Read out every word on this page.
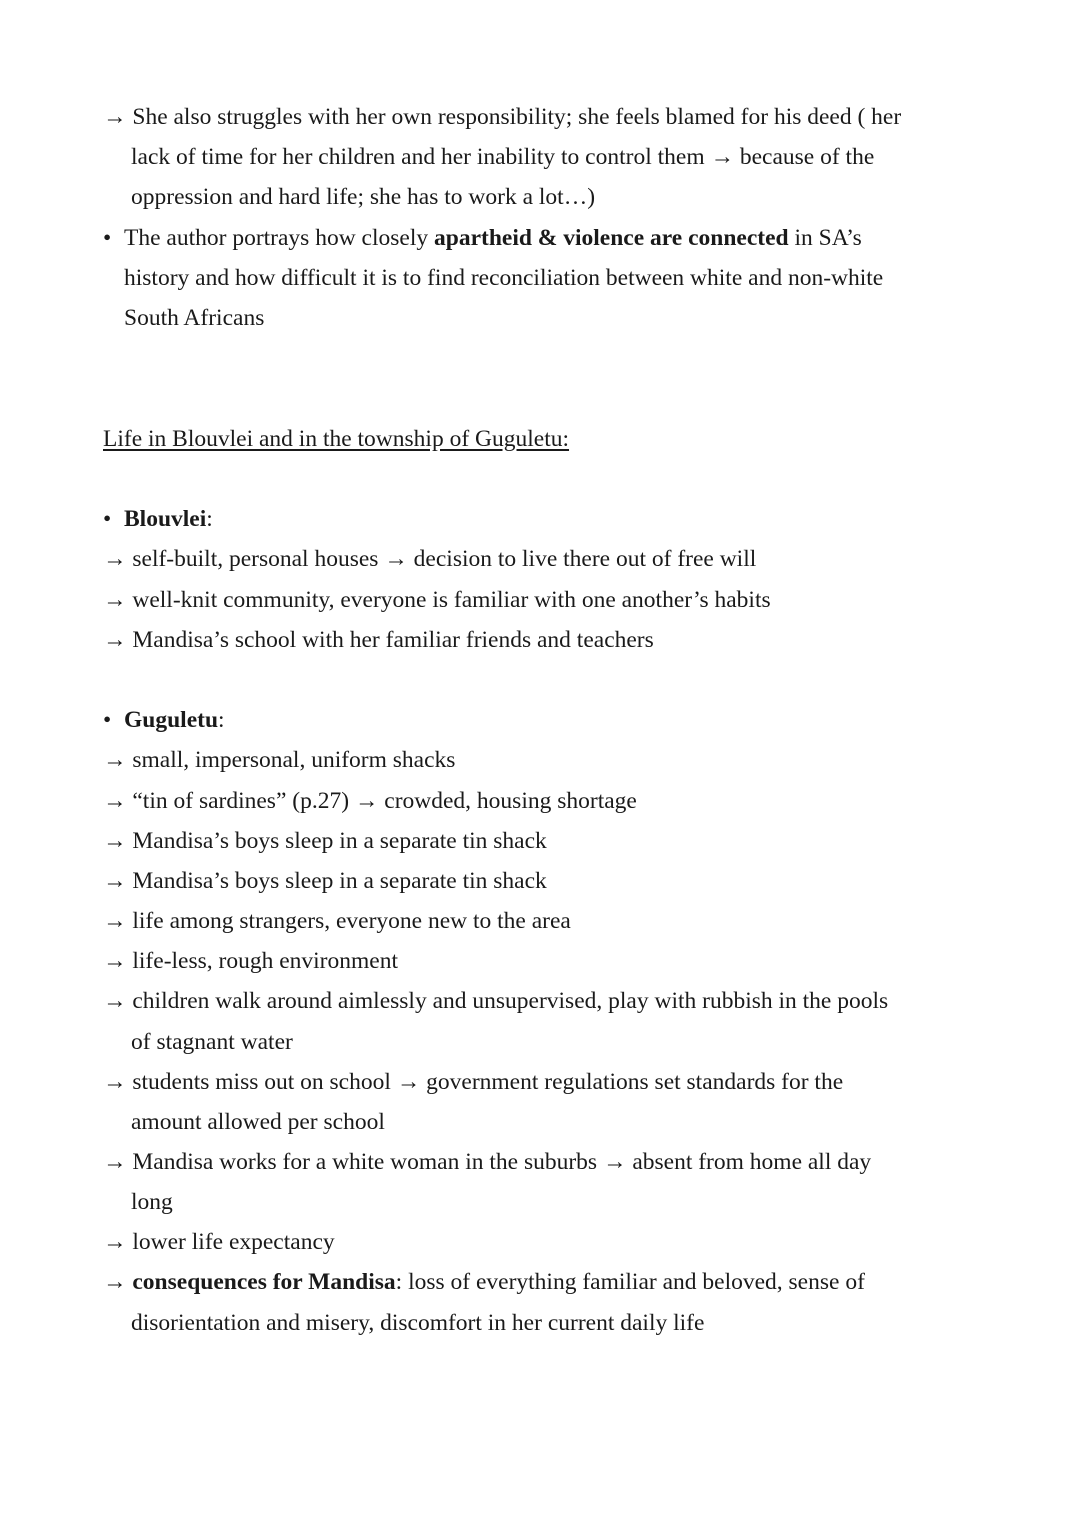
→ She also struggles with her own responsibility; she feels blamed for his deed ( her
lack of time for her children and her inability to control them → because of the
oppression and hard life; she has to work a lot…)
• The author portrays how closely apartheid & violence are connected in SA’s
history and how difficult it is to find reconciliation between white and non-white
South Africans
Life in Blouvlei and in the township of Guguletu:
• Blouvlei:
→ self-built, personal houses → decision to live there out of free will
→ well-knit community, everyone is familiar with one another’s habits
→ Mandisa’s school with her familiar friends and teachers
• Guguletu:
→ small, impersonal, uniform shacks
→ “tin of sardines” (p.27) → crowded, housing shortage
→ Mandisa’s boys sleep in a separate tin shack
→ Mandisa’s boys sleep in a separate tin shack
→ life among strangers, everyone new to the area
→ life-less, rough environment
→ children walk around aimlessly and unsupervised, play with rubbish in the pools
of stagnant water
→ students miss out on school → government regulations set standards for the
amount allowed per school
→ Mandisa works for a white woman in the suburbs → absent from home all day
long
→ lower life expectancy
→ consequences for Mandisa: loss of everything familiar and beloved, sense of
disorientation and misery, discomfort in her current daily life
